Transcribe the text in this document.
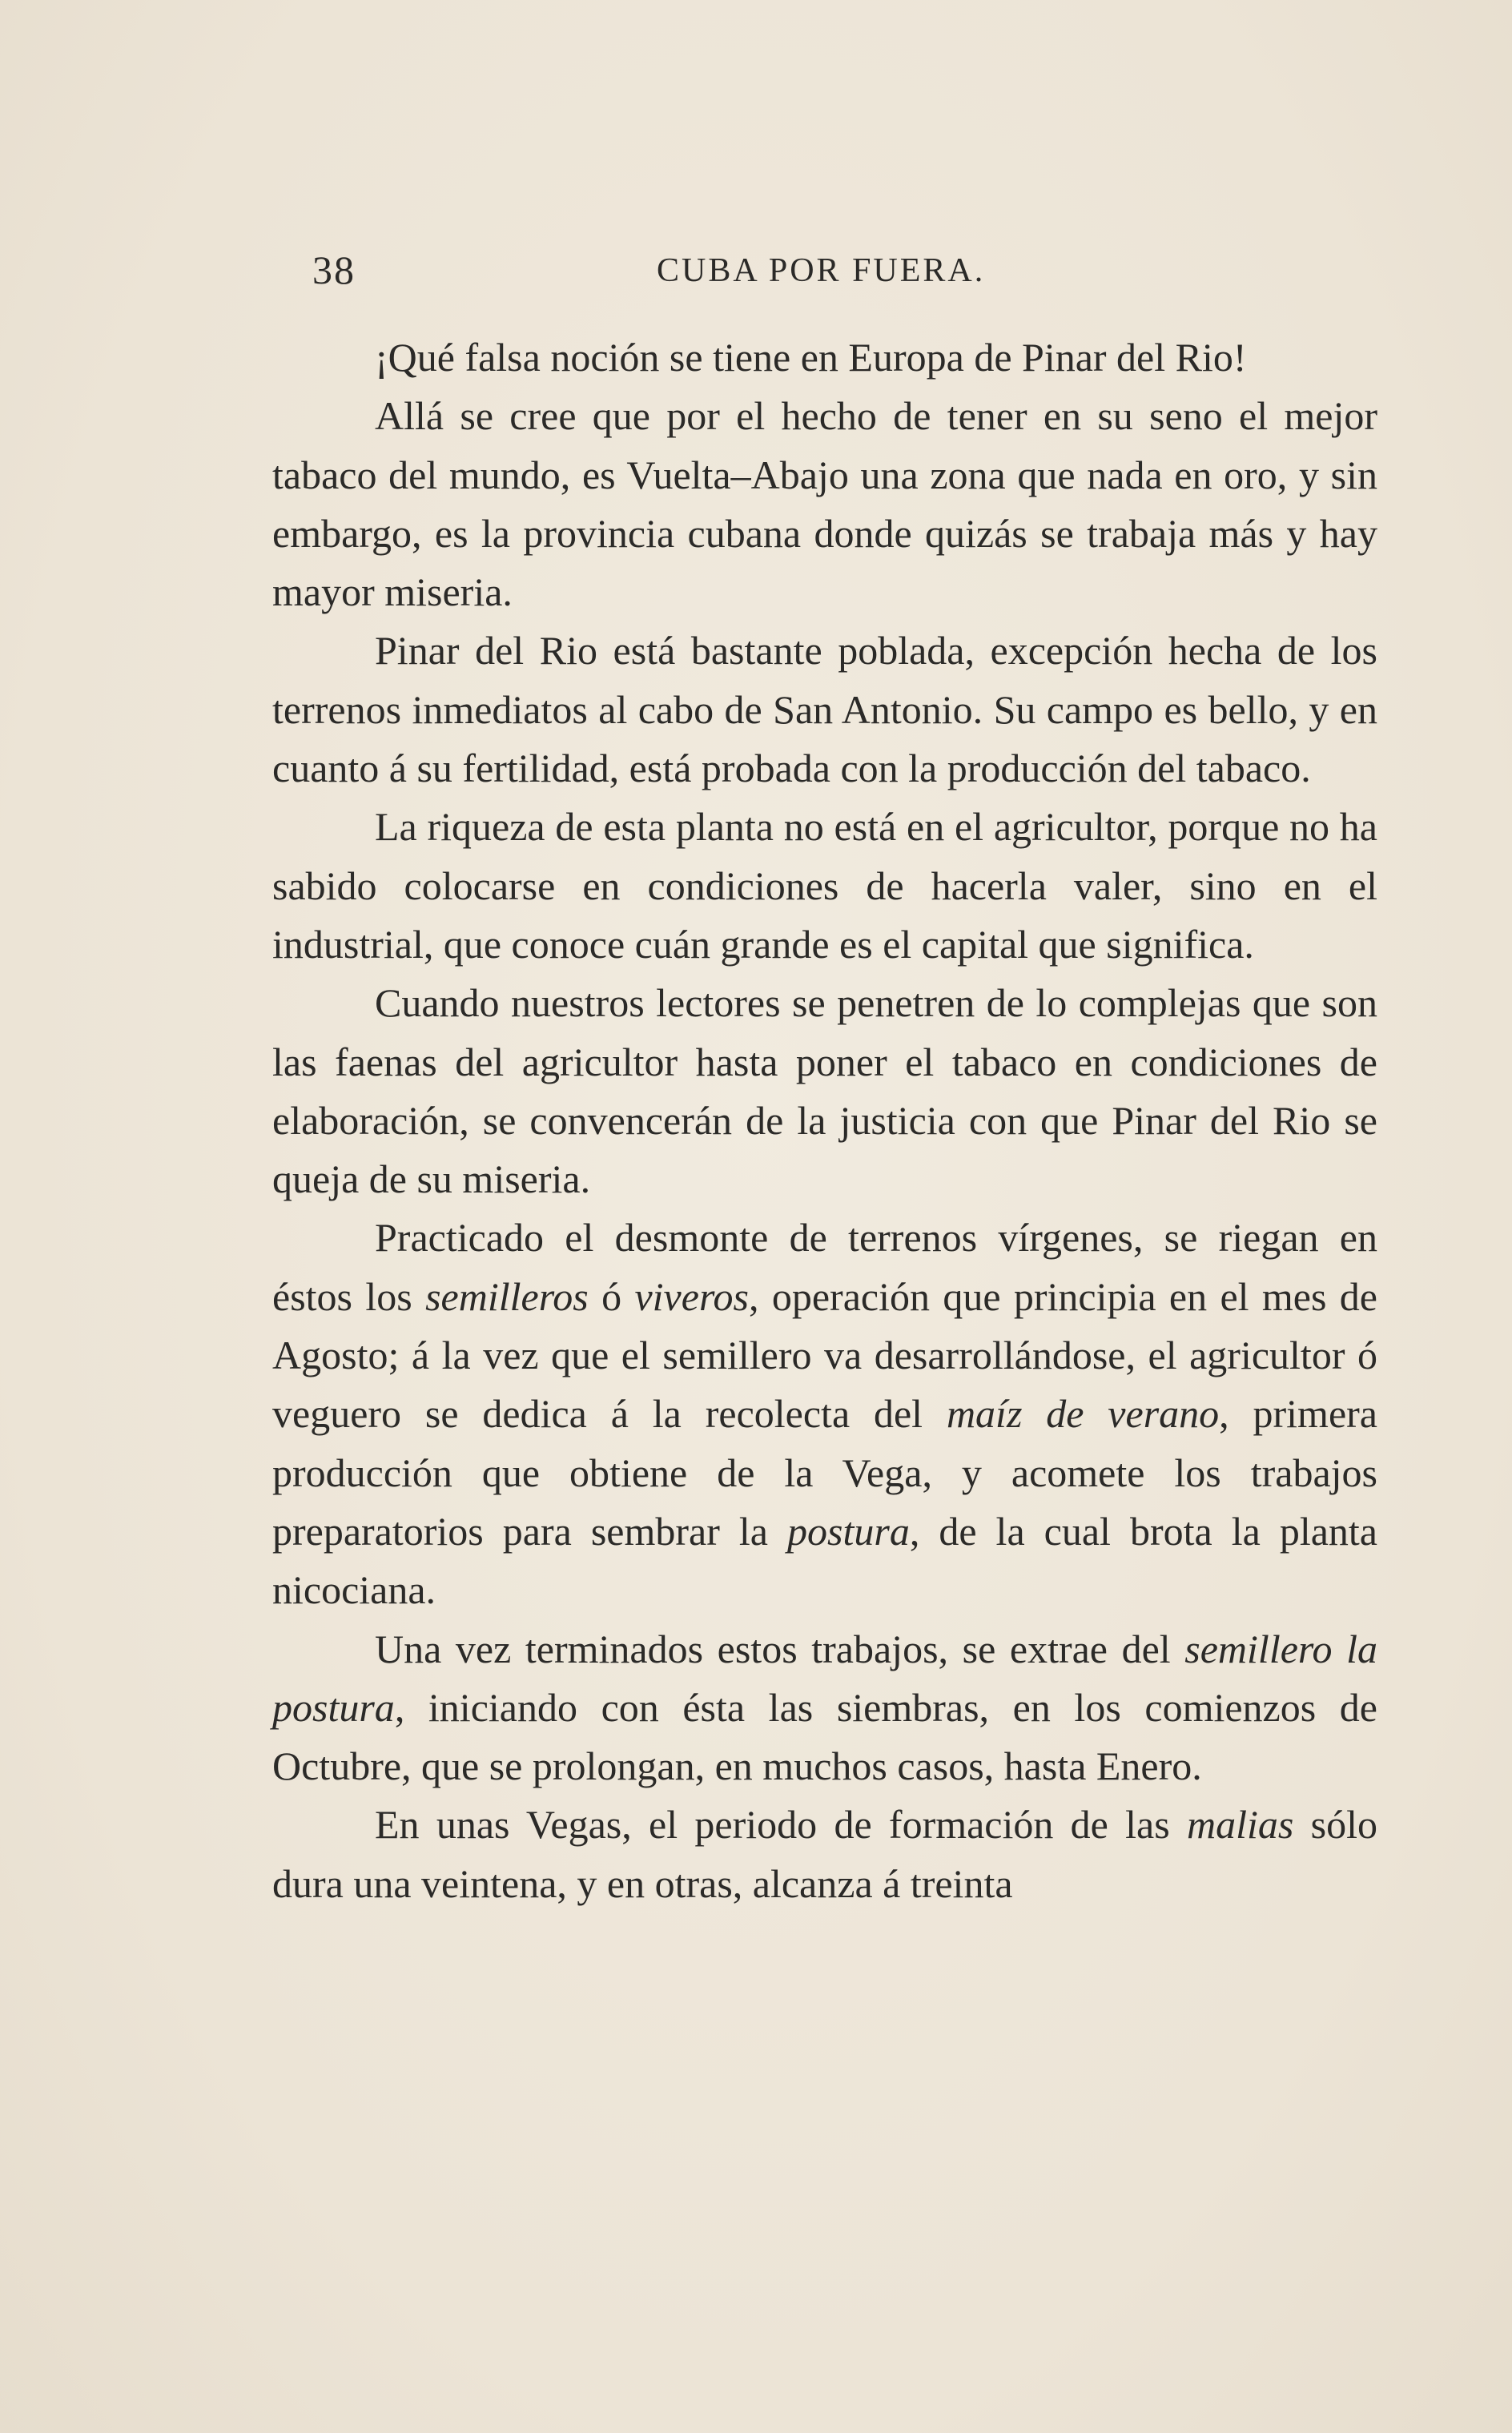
38	CUBA POR FUERA.

¡Qué falsa noción se tiene en Europa de Pinar del Rio!

Allá se cree que por el hecho de tener en su seno el mejor tabaco del mundo, es Vuelta–Abajo una zona que nada en oro, y sin embargo, es la provincia cubana donde quizás se trabaja más y hay mayor miseria.

Pinar del Rio está bastante poblada, excepción hecha de los terrenos inmediatos al cabo de San Antonio. Su campo es bello, y en cuanto á su fertilidad, está probada con la producción del tabaco.

La riqueza de esta planta no está en el agricultor, porque no ha sabido colocarse en condiciones de hacerla valer, sino en el industrial, que conoce cuán grande es el capital que significa.

Cuando nuestros lectores se penetren de lo complejas que son las faenas del agricultor hasta poner el tabaco en condiciones de elaboración, se convencerán de la justicia con que Pinar del Rio se queja de su miseria.

Practicado el desmonte de terrenos vírgenes, se riegan en éstos los semilleros ó viveros, operación que principia en el mes de Agosto; á la vez que el semillero va desarrollándose, el agricultor ó veguero se dedica á la recolecta del maíz de verano, primera producción que obtiene de la Vega, y acomete los trabajos preparatorios para sembrar la postura, de la cual brota la planta nicociana.

Una vez terminados estos trabajos, se extrae del semillero la postura, iniciando con ésta las siembras, en los comienzos de Octubre, que se prolongan, en muchos casos, hasta Enero.

En unas Vegas, el periodo de formación de las malias sólo dura una veintena, y en otras, alcanza á treinta
